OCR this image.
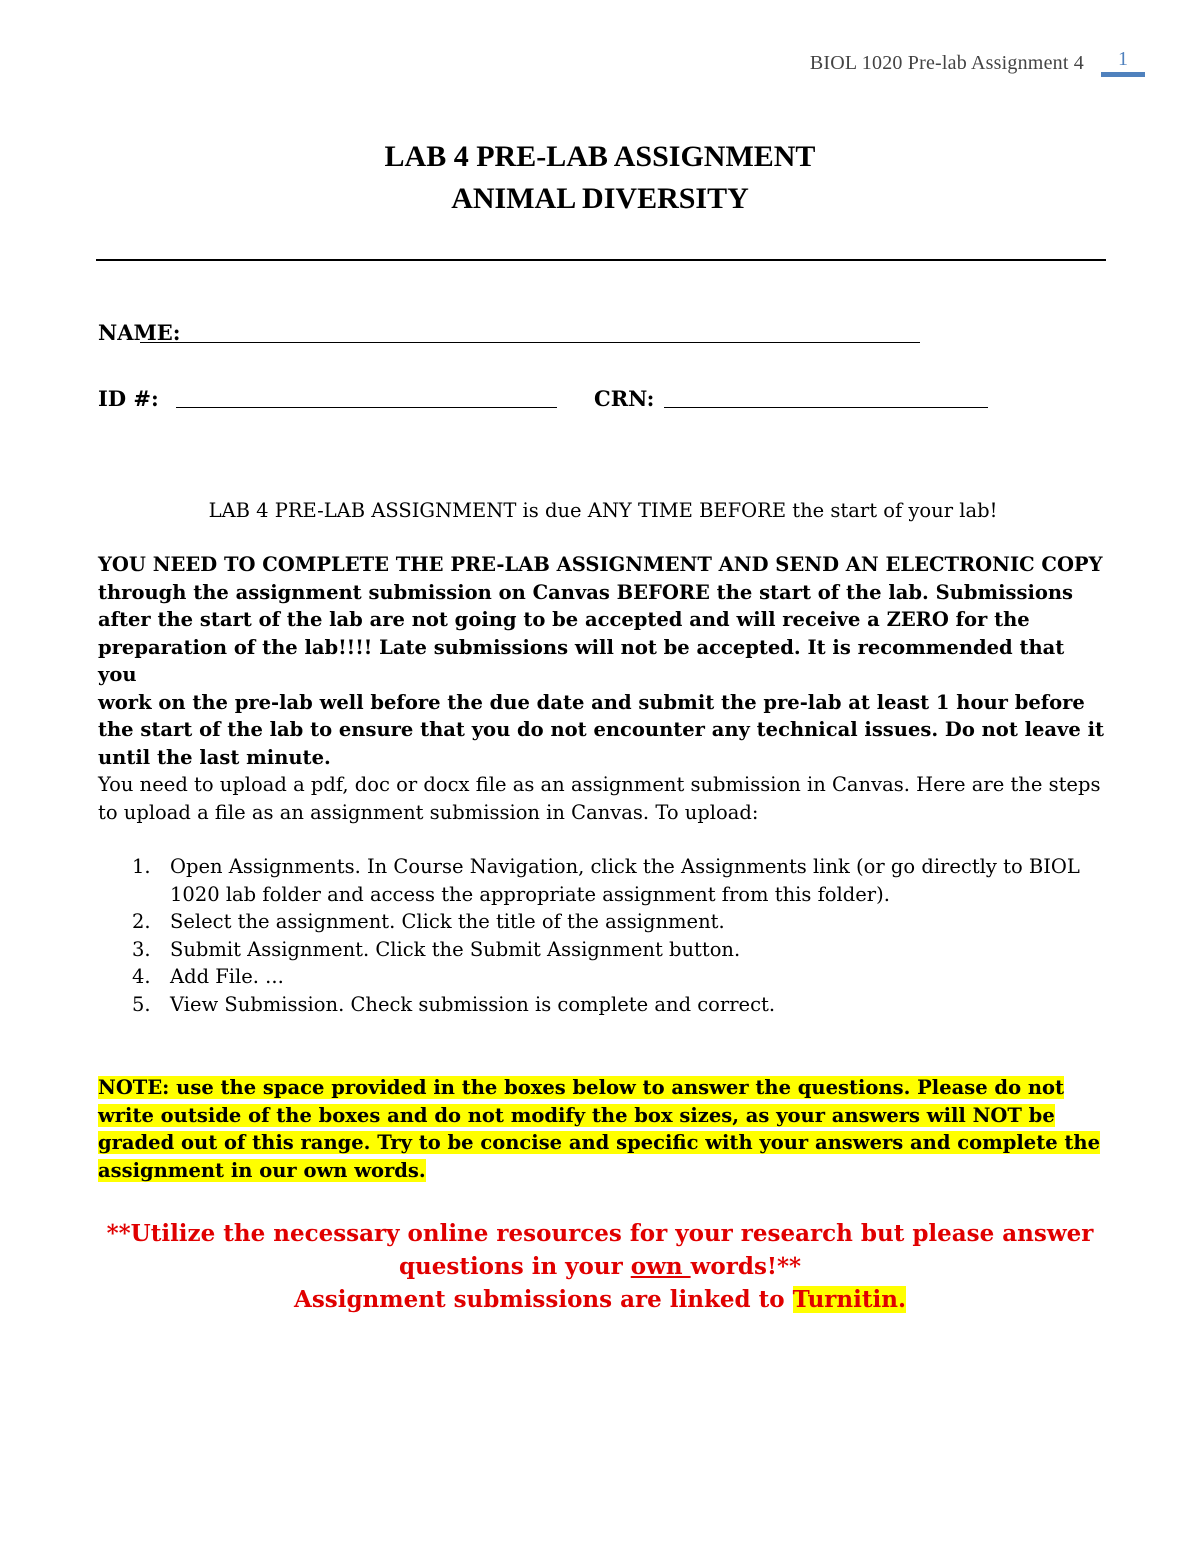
BIOL 1020 Pre-lab Assignment 4	1
LAB 4 PRE-LAB ASSIGNMENT
ANIMAL DIVERSITY
NAME:
ID #:	CRN:
LAB 4 PRE-LAB ASSIGNMENT is due ANY TIME BEFORE the start of your lab!
YOU NEED TO COMPLETE THE PRE-LAB ASSIGNMENT AND SEND AN ELECTRONIC COPY
through the assignment submission on Canvas BEFORE the start of the lab. Submissions
after the start of the lab are not going to be accepted and will receive a ZERO for the
preparation of the lab!!!! Late submissions will not be accepted. It is recommended that you
work on the pre-lab well before the due date and submit the pre-lab at least 1 hour before
the start of the lab to ensure that you do not encounter any technical issues. Do not leave it
until the last minute.
You need to upload a pdf, doc or docx file as an assignment submission in Canvas. Here are the steps
to upload a file as an assignment submission in Canvas. To upload:
1. Open Assignments. In Course Navigation, click the Assignments link (or go directly to BIOL
1020 lab folder and access the appropriate assignment from this folder).
2. Select the assignment. Click the title of the assignment.
3. Submit Assignment. Click the Submit Assignment button.
4. Add File. ...
5. View Submission. Check submission is complete and correct.
NOTE: use the space provided in the boxes below to answer the questions. Please do not
write outside of the boxes and do not modify the box sizes, as your answers will NOT be
graded out of this range. Try to be concise and specific with your answers and complete the
assignment in our own words.
**Utilize the necessary online resources for your research but please answer
questions in your own words!**
Assignment submissions are linked to Turnitin.
